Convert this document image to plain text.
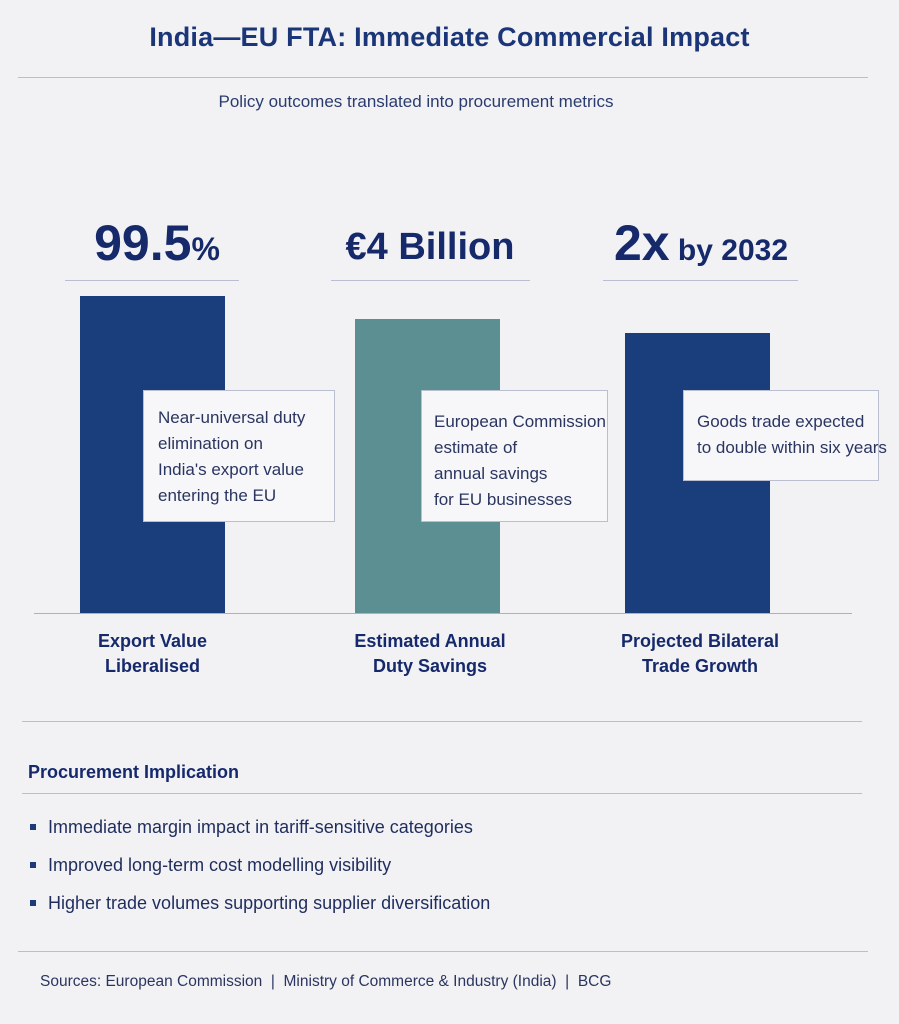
India—EU FTA: Immediate Commercial Impact
Policy outcomes translated into procurement metrics
99.5%	€4 Billion	2x by 2032
Near-universal duty
elimination on
India's export value
entering the EU
European Commission
estimate of
annual savings
for EU businesses
Goods trade expected
to double within six years
Export Value
Liberalised
Estimated Annual
Duty Savings
Projected Bilateral
Trade Growth
Procurement Implication
Immediate margin impact in tariff-sensitive categories
Improved long-term cost modelling visibility
Higher trade volumes supporting supplier diversification
Sources: European Commission  |  Ministry of Commerce & Industry (India)  |  BCG
